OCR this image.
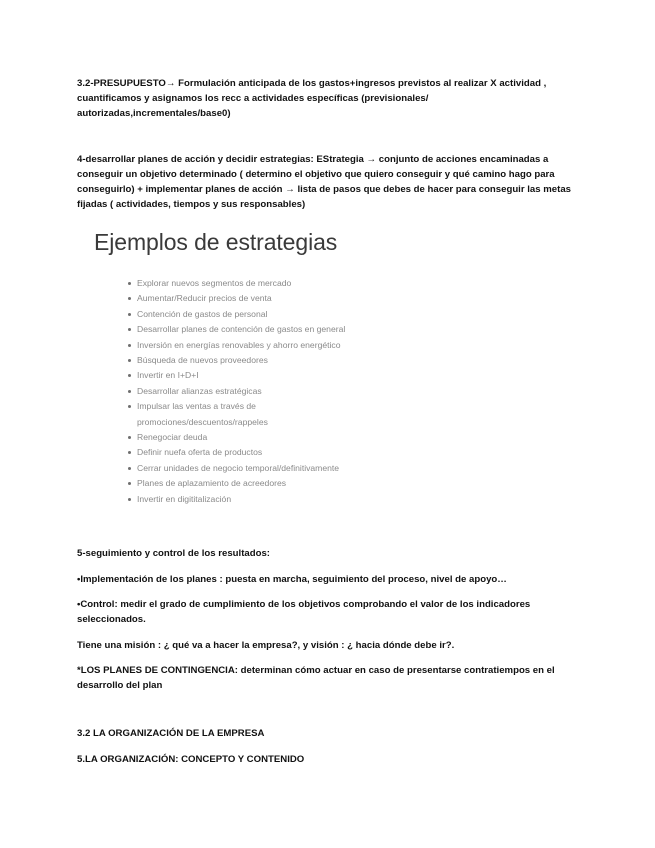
3.2-PRESUPUESTO→ Formulación anticipada de los gastos+ingresos previstos al realizar X actividad ,
cuantificamos y asignamos los recc a actividades específicas (previsionales/
autorizadas,incrementales/base0)

4-desarrollar planes de acción y decidir estrategias: EStrategia → conjunto de acciones encaminadas a
conseguir un objetivo determinado ( determino el objetivo que quiero conseguir y qué camino hago para
conseguirlo) + implementar planes de acción → lista de pasos que debes de hacer para conseguir las metas
fijadas ( actividades, tiempos y sus responsables)

Ejemplos de estrategias
Explorar nuevos segmentos de mercado
Aumentar/Reducir precios de venta
Contención de gastos de personal
Desarrollar planes de contención de gastos en general
Inversión en energías renovables y ahorro energético
Búsqueda de nuevos proveedores
Invertir en I+D+I
Desarrollar alianzas estratégicas
Impulsar las ventas a través de
promociones/descuentos/rappeles
Renegociar deuda
Definir nuefa oferta de productos
Cerrar unidades de negocio temporal/definitivamente
Planes de aplazamiento de acreedores
Invertir en digititalización

5-seguimiento y control de los resultados:

•Implementación de los planes : puesta en marcha, seguimiento del proceso, nivel de apoyo…

•Control: medir el grado de cumplimiento de los objetivos comprobando el valor de los indicadores
seleccionados.

Tiene una misión : ¿ qué va a hacer la empresa?, y visión : ¿ hacia dónde debe ir?.

*LOS PLANES DE CONTINGENCIA: determinan cómo actuar en caso de presentarse contratiempos en el
desarrollo del plan

3.2 LA ORGANIZACIÓN DE LA EMPRESA

5.LA ORGANIZACIÓN: CONCEPTO Y CONTENIDO
